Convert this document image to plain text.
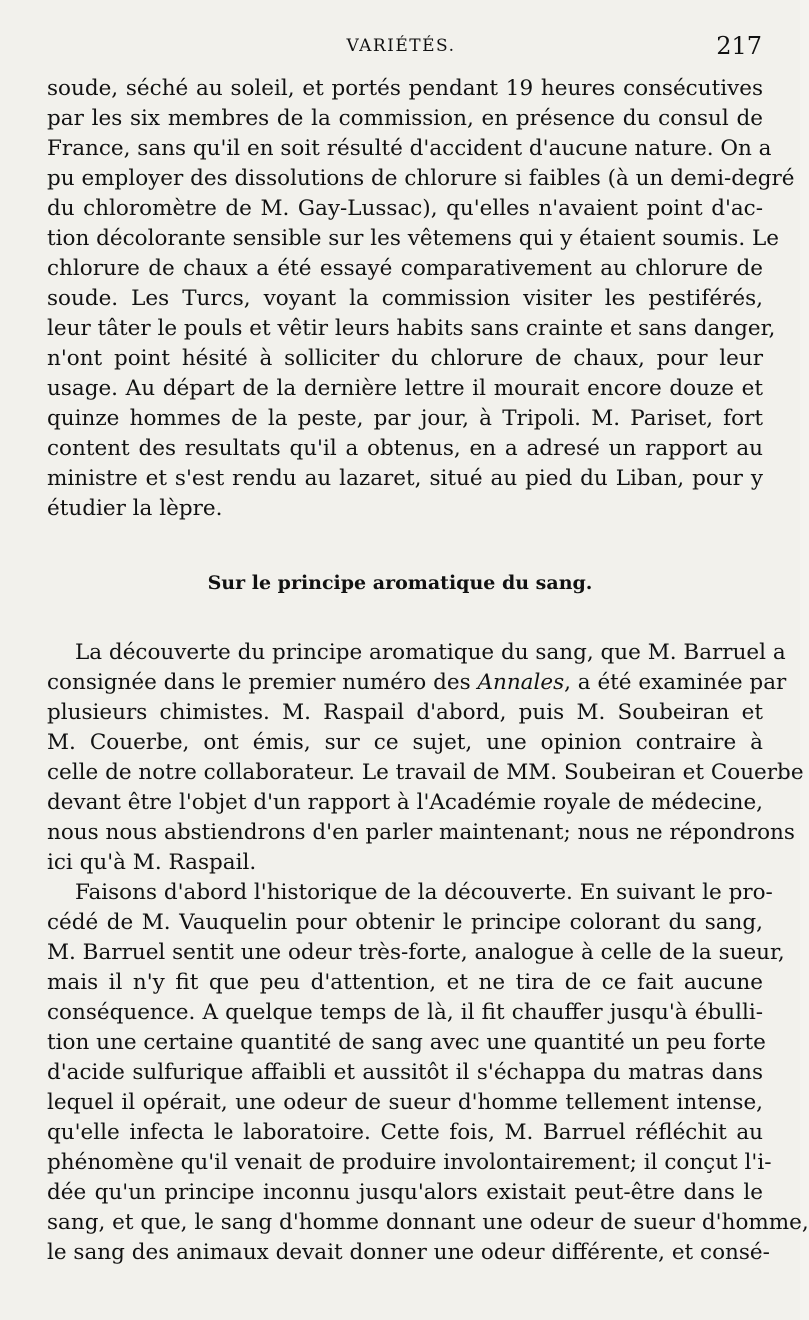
VARIÉTÉS.	217
soude, séché au soleil, et portés pendant 19 heures consécutives
par les six membres de la commission, en présence du consul de
France, sans qu'il en soit résulté d'accident d'aucune nature. On a
pu employer des dissolutions de chlorure si faibles (à un demi-degré
du chloromètre de M. Gay-Lussac), qu'elles n'avaient point d'ac-
tion décolorante sensible sur les vêtemens qui y étaient soumis. Le
chlorure de chaux a été essayé comparativement au chlorure de
soude. Les Turcs, voyant la commission visiter les pestiférés,
leur tâter le pouls et vêtir leurs habits sans crainte et sans danger,
n'ont point hésité à solliciter du chlorure de chaux, pour leur
usage. Au départ de la dernière lettre il mourait encore douze et
quinze hommes de la peste, par jour, à Tripoli. M. Pariset, fort
content des resultats qu'il a obtenus, en a adresé un rapport au
ministre et s'est rendu au lazaret, situé au pied du Liban, pour y
étudier la lèpre.
Sur le principe aromatique du sang.
La découverte du principe aromatique du sang, que M. Barruel a
consignée dans le premier numéro des Annales, a été examinée par
plusieurs chimistes. M. Raspail d'abord, puis M. Soubeiran et
M. Couerbe, ont émis, sur ce sujet, une opinion contraire à
celle de notre collaborateur. Le travail de MM. Soubeiran et Couerbe
devant être l'objet d'un rapport à l'Académie royale de médecine,
nous nous abstiendrons d'en parler maintenant; nous ne répondrons
ici qu'à M. Raspail.
Faisons d'abord l'historique de la découverte. En suivant le pro-
cédé de M. Vauquelin pour obtenir le principe colorant du sang,
M. Barruel sentit une odeur très-forte, analogue à celle de la sueur,
mais il n'y fit que peu d'attention, et ne tira de ce fait aucune
conséquence. A quelque temps de là, il fit chauffer jusqu'à ébulli-
tion une certaine quantité de sang avec une quantité un peu forte
d'acide sulfurique affaibli et aussitôt il s'échappa du matras dans
lequel il opérait, une odeur de sueur d'homme tellement intense,
qu'elle infecta le laboratoire. Cette fois, M. Barruel réfléchit au
phénomène qu'il venait de produire involontairement; il conçut l'i-
dée qu'un principe inconnu jusqu'alors existait peut-être dans le
sang, et que, le sang d'homme donnant une odeur de sueur d'homme,
le sang des animaux devait donner une odeur différente, et consé-
